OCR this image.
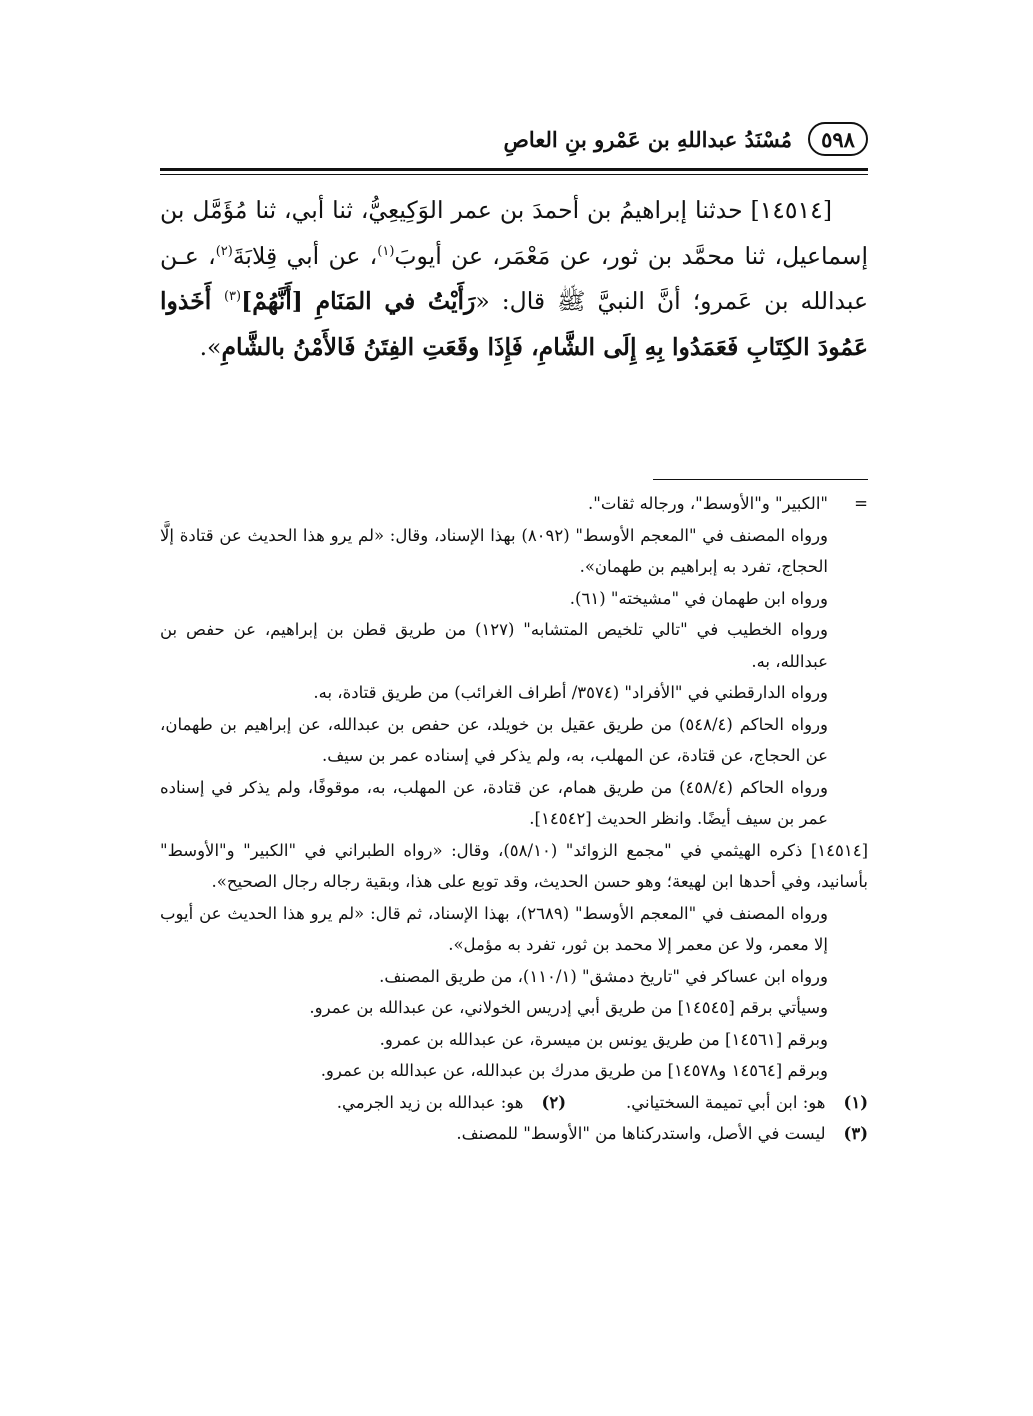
٥٩٨
مُسْنَدُ عبداللهِ بن عَمْرو بنِ العاصِ

[١٤٥١٤] حدثنا إبراهيمُ بن أحمدَ بن عمر الوَكِيعِيُّ، ثنا أبي، ثنا مُؤَمَّل بن إسماعيل، ثنا محمَّد بن ثور، عن مَعْمَر، عن أيوبَ$^{(١)}$، عن أبي قِلابَةَ$^{(٢)}$، عـن عبدالله بن عَمرو؛ أنَّ النبيَّ ﷺ قال: «رَأَيْتُ في المَنَامِ [أَنَّهُمْ]$^{(٣)}$ أَخَذوا عَمُودَ الكِتَابِ فَعَمَدُوا بِهِ إِلَى الشَّامِ، فَإِذَا وقَعَتِ الفِتَنُ فَالأَمْنُ بالشَّامِ».

=
"الكبير" و"الأوسط"، ورجاله ثقات".
ورواه المصنف في "المعجم الأوسط" (٨٠٩٢) بهذا الإسناد، وقال: «لم يرو هذا الحديث عن قتادة إلَّا الحجاج، تفرد به إبراهيم بن طهمان».
ورواه ابن طهمان في "مشيخته" (٦١).
ورواه الخطيب في "تالي تلخيص المتشابه" (١٢٧) من طريق قطن بن إبراهيم، عن حفص بن عبدالله، به.
ورواه الدارقطني في "الأفراد" (٣٥٧٤/ أطراف الغرائب) من طريق قتادة، به.
ورواه الحاكم (٥٤٨/٤) من طريق عقيل بن خويلد، عن حفص بن عبدالله، عن إبراهيم بن طهمان، عن الحجاج، عن قتادة، عن المهلب، به، ولم يذكر في إسناده عمر بن سيف.
ورواه الحاكم (٤٥٨/٤) من طريق همام، عن قتادة، عن المهلب، به، موقوفًا، ولم يذكر في إسناده عمر بن سيف أيضًا. وانظر الحديث [١٤٥٤٢].
[١٤٥١٤] ذكره الهيثمي في "مجمع الزوائد" (٥٨/١٠)، وقال: «رواه الطبراني في "الكبير" و"الأوسط" بأسانيد، وفي أحدها ابن لهيعة؛ وهو حسن الحديث، وقد توبع على هذا، وبقية رجاله رجال الصحيح».
ورواه المصنف في "المعجم الأوسط" (٢٦٨٩)، بهذا الإسناد، ثم قال: «لم يرو هذا الحديث عن أيوب إلا معمر، ولا عن معمر إلا محمد بن ثور، تفرد به مؤمل».
ورواه ابن عساكر في "تاريخ دمشق" (١١٠/١)، من طريق المصنف.
وسيأتي برقم [١٤٥٤٥] من طريق أبي إدريس الخولاني، عن عبدالله بن عمرو.
وبرقم [١٤٥٦١] من طريق يونس بن ميسرة، عن عبدالله بن عمرو.
وبرقم [١٤٥٦٤ و١٤٥٧٨] من طريق مدرك بن عبدالله، عن عبدالله بن عمرو.
(١)
هو: ابن أبي تميمة السختياني.
(٢)
هو: عبدالله بن زيد الجرمي.
(٣)
ليست في الأصل، واستدركناها من "الأوسط" للمصنف.
